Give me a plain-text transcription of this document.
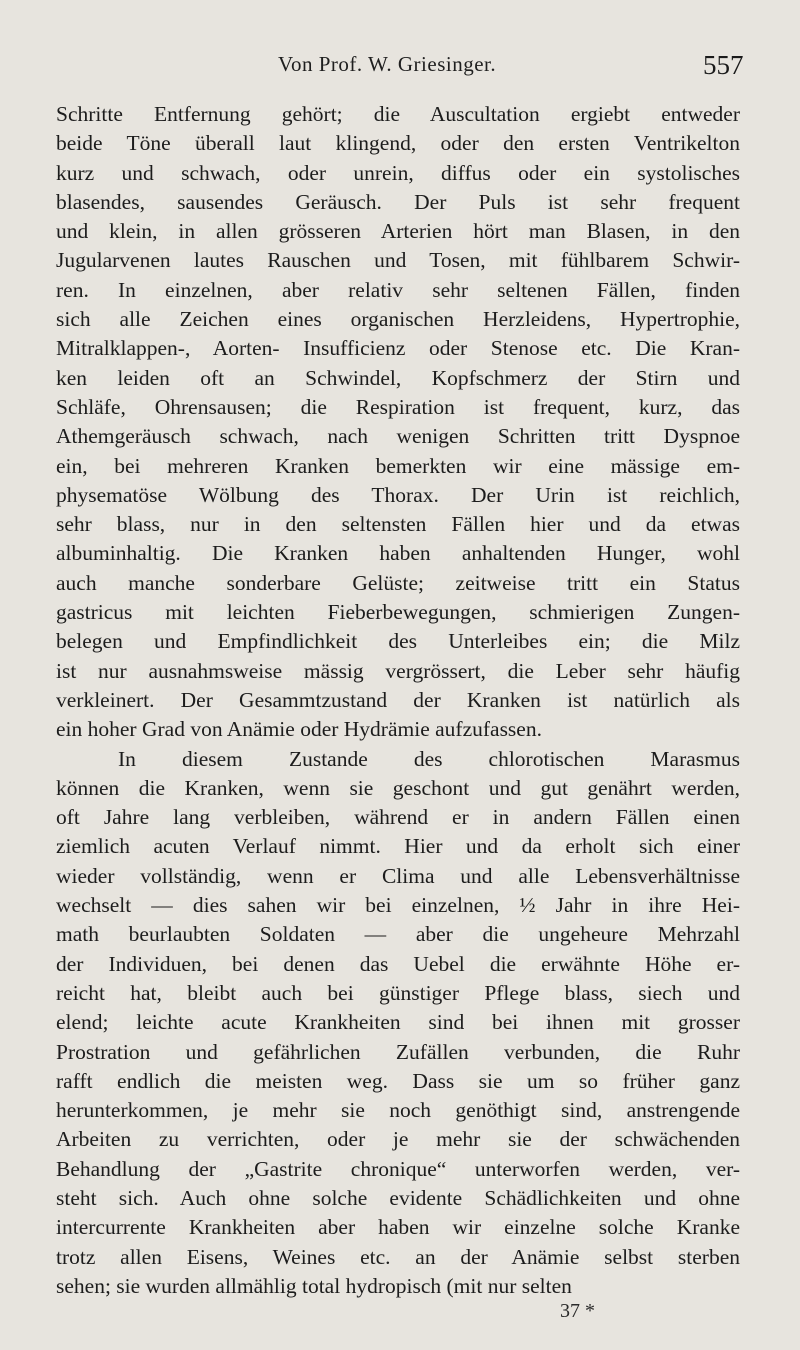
Von Prof. W. Griesinger.	557
Schritte Entfernung gehört; die Auscultation ergiebt entweder
beide Töne überall laut klingend, oder den ersten Ventrikelton
kurz und schwach, oder unrein, diffus oder ein systolisches
blasendes, sausendes Geräusch. Der Puls ist sehr frequent
und klein, in allen grösseren Arterien hört man Blasen, in den
Jugularvenen lautes Rauschen und Tosen, mit fühlbarem Schwir-
ren. In einzelnen, aber relativ sehr seltenen Fällen, finden
sich alle Zeichen eines organischen Herzleidens, Hypertrophie,
Mitralklappen-, Aorten- Insufficienz oder Stenose etc. Die Kran-
ken leiden oft an Schwindel, Kopfschmerz der Stirn und
Schläfe, Ohrensausen; die Respiration ist frequent, kurz, das
Athemgeräusch schwach, nach wenigen Schritten tritt Dyspnoe
ein, bei mehreren Kranken bemerkten wir eine mässige em-
physematöse Wölbung des Thorax. Der Urin ist reichlich,
sehr blass, nur in den seltensten Fällen hier und da etwas
albuminhaltig. Die Kranken haben anhaltenden Hunger, wohl
auch manche sonderbare Gelüste; zeitweise tritt ein Status
gastricus mit leichten Fieberbewegungen, schmierigen Zungen-
belegen und Empfindlichkeit des Unterleibes ein; die Milz
ist nur ausnahmsweise mässig vergrössert, die Leber sehr häufig
verkleinert. Der Gesammtzustand der Kranken ist natürlich als
ein hoher Grad von Anämie oder Hydrämie aufzufassen.
In diesem Zustande des chlorotischen Marasmus
können die Kranken, wenn sie geschont und gut genährt werden,
oft Jahre lang verbleiben, während er in andern Fällen einen
ziemlich acuten Verlauf nimmt. Hier und da erholt sich einer
wieder vollständig, wenn er Clima und alle Lebensverhältnisse
wechselt — dies sahen wir bei einzelnen, ½ Jahr in ihre Hei-
math beurlaubten Soldaten — aber die ungeheure Mehrzahl
der Individuen, bei denen das Uebel die erwähnte Höhe er-
reicht hat, bleibt auch bei günstiger Pflege blass, siech und
elend; leichte acute Krankheiten sind bei ihnen mit grosser
Prostration und gefährlichen Zufällen verbunden, die Ruhr
rafft endlich die meisten weg. Dass sie um so früher ganz
herunterkommen, je mehr sie noch genöthigt sind, anstrengende
Arbeiten zu verrichten, oder je mehr sie der schwächenden
Behandlung der „Gastrite chronique“ unterworfen werden, ver-
steht sich. Auch ohne solche evidente Schädlichkeiten und ohne
intercurrente Krankheiten aber haben wir einzelne solche Kranke
trotz allen Eisens, Weines etc. an der Anämie selbst sterben
sehen; sie wurden allmählig total hydropisch (mit nur selten
37 *
